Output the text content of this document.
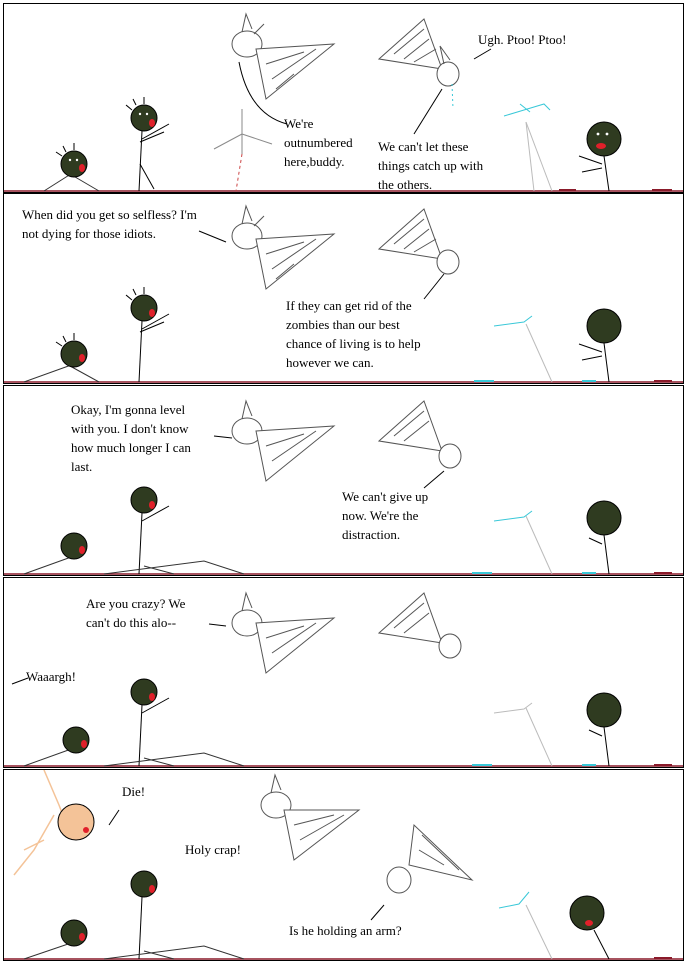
We're
outnumbered
here,buddy.
Ugh. Ptoo! Ptoo!
We can't let these
things catch up with
the others.
When did you get so selfless? I'm
not dying for those idiots.
If they can get rid of the
zombies than our best
chance of living is to help
however we can.
Okay, I'm gonna level
with you. I don't know
how much longer I can
last.
We can't give up
now. We're the
distraction.
Are you crazy? We
can't do this alo--
Waaargh!
Die!
Holy crap!
Is he holding an arm?
